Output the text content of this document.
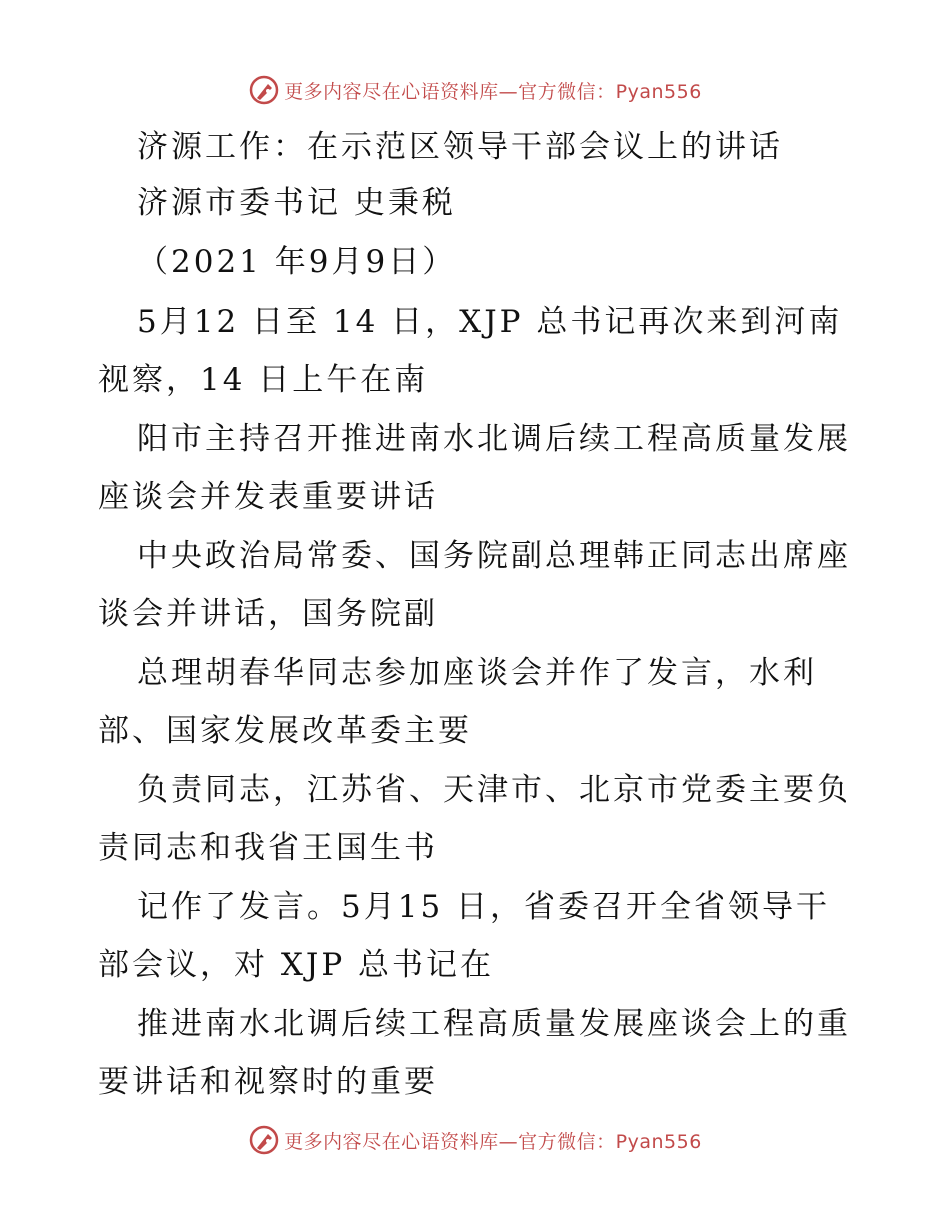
更多内容尽在心语资料库—官方微信：Pyan556
济源工作：在示范区领导干部会议上的讲话
济源市委书记 史秉税
（2021 年9月9日）
5月12 日至 14 日，XJP 总书记再次来到河南
视察，14 日上午在南
阳市主持召开推进南水北调后续工程高质量发展
座谈会并发表重要讲话
中央政治局常委、国务院副总理韩正同志出席座
谈会并讲话，国务院副
总理胡春华同志参加座谈会并作了发言，水利
部、国家发展改革委主要
负责同志，江苏省、天津市、北京市党委主要负
责同志和我省王国生书
记作了发言。5月15 日，省委召开全省领导干
部会议，对 XJP 总书记在
推进南水北调后续工程高质量发展座谈会上的重
要讲话和视察时的重要
更多内容尽在心语资料库—官方微信：Pyan556
